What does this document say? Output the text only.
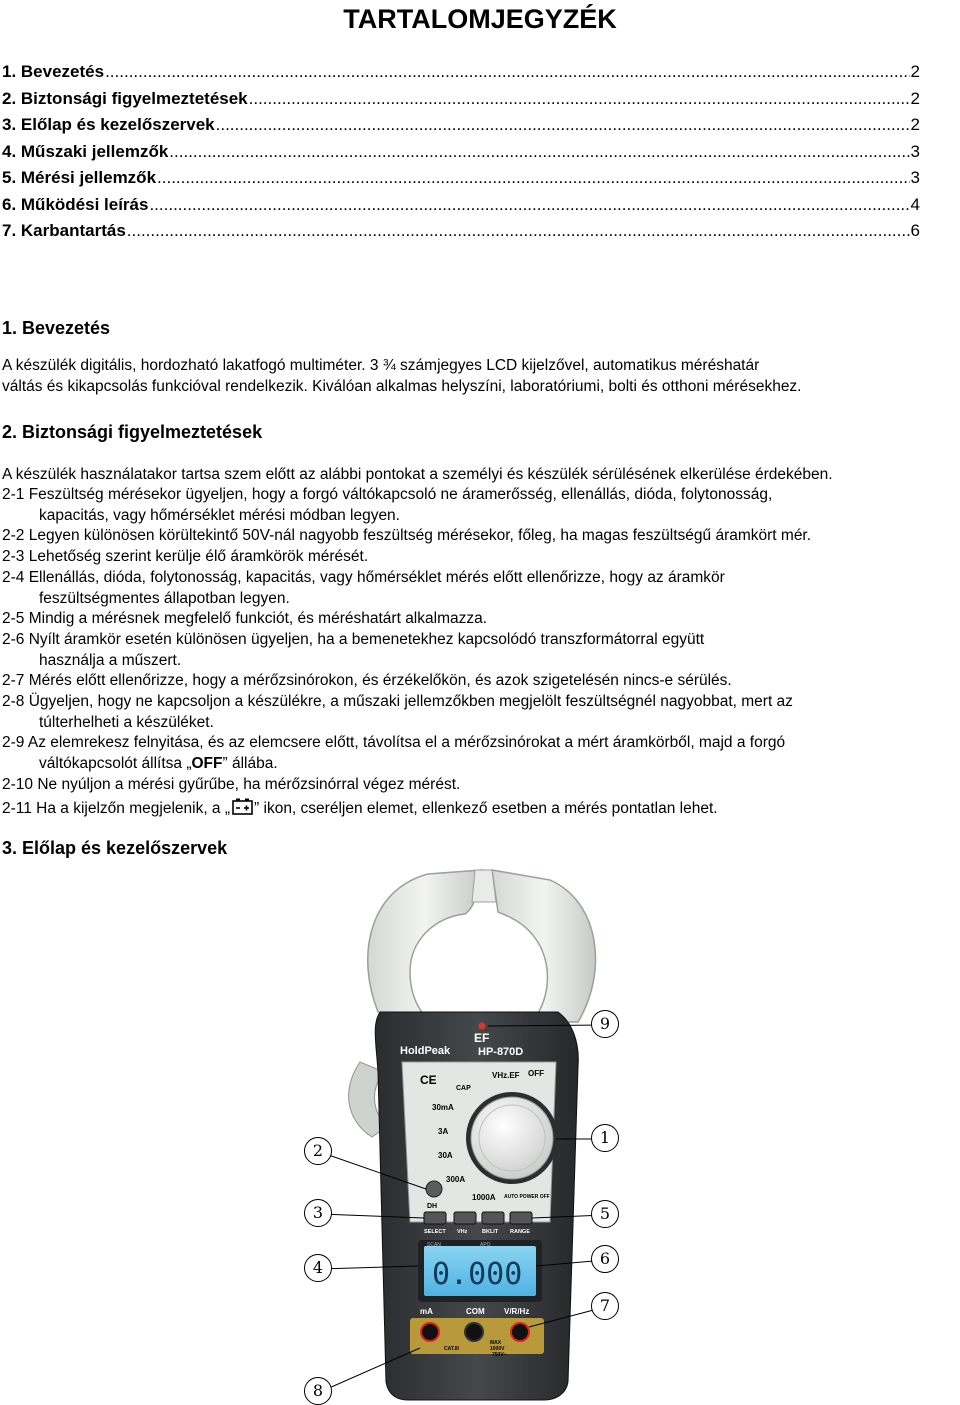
TARTALOMJEGYZÉK
1. Bevezetés .....	2
2. Biztonsági figyelmeztetések .....	2
3. Előlap és kezelőszervek .....	2
4. Műszaki jellemzők .....	3
5. Mérési jellemzők .....	3
6. Működési leírás .....	4
7. Karbantartás .....	6
1. Bevezetés

A készülék digitális, hordozható lakatfogó multiméter. 3 ¾ számjegyes LCD kijelzővel, automatikus méréshatár

váltás és kikapcsolás funkcióval rendelkezik. Kiválóan alkalmas helyszíni, laboratóriumi, bolti és otthoni mérésekhez.

2. Biztonsági figyelmeztetések
A készülék használatakor tartsa szem előtt az alábbi pontokat a személyi és készülék sérülésének elkerülése érdekében.
2-1 Feszültség mérésekor ügyeljen, hogy a forgó váltókapcsoló ne áramerősség, ellenállás, dióda, folytonosság,
kapacitás, vagy hőmérséklet mérési módban legyen.
2-2 Legyen különösen körültekintő 50V-nál nagyobb feszültség mérésekor, főleg, ha magas feszültségű áramkört mér.
2-3 Lehetőség szerint kerülje élő áramkörök mérését.
2-4 Ellenállás, dióda, folytonosság, kapacitás, vagy hőmérséklet mérés előtt ellenőrizze, hogy az áramkör
feszültségmentes állapotban legyen.
2-5 Mindig a mérésnek megfelelő funkciót, és méréshatárt alkalmazza.
2-6 Nyílt áramkör esetén különösen ügyeljen, ha a bemenetekhez kapcsolódó transzformátorral együtt
használja a műszert.
2-7 Mérés előtt ellenőrizze, hogy a mérőzsinórokon, és érzékelőkön, és azok szigetelésén nincs-e sérülés.
2-8 Ügyeljen, hogy ne kapcsoljon a készülékre, a műszaki jellemzőkben megjelölt feszültségnél nagyobbat, mert az
túlterhelheti a készüléket.
2-9 Az elemrekesz felnyitása, és az elemcsere előtt, távolítsa el a mérőzsinórokat a mért áramkörből, majd a forgó
váltókapcsolót állítsa „OFF” állába.
2-10 Ne nyúljon a mérési gyűrűbe, ha mérőzsinórral végez mérést.
2-11 Ha a kijelzőn megjelenik, a „ ” ikon, cseréljen elemet, ellenkező esetben a mérés pontatlan lehet.
3. Előlap és kezelőszervek
HoldPeak
EF
HP-870D
CE
CAP
VHz.EF OFF
30mA
3A
30A
300A
1000A AUTO POWER OFF
DH
SELECT VHz	BKLIT RANGE
SCAN	APO
0.000
mA	COM V/R/Hz
CAT.III
MAX
1000V
750V~
1
2
3
4
5
6
7
8
9
